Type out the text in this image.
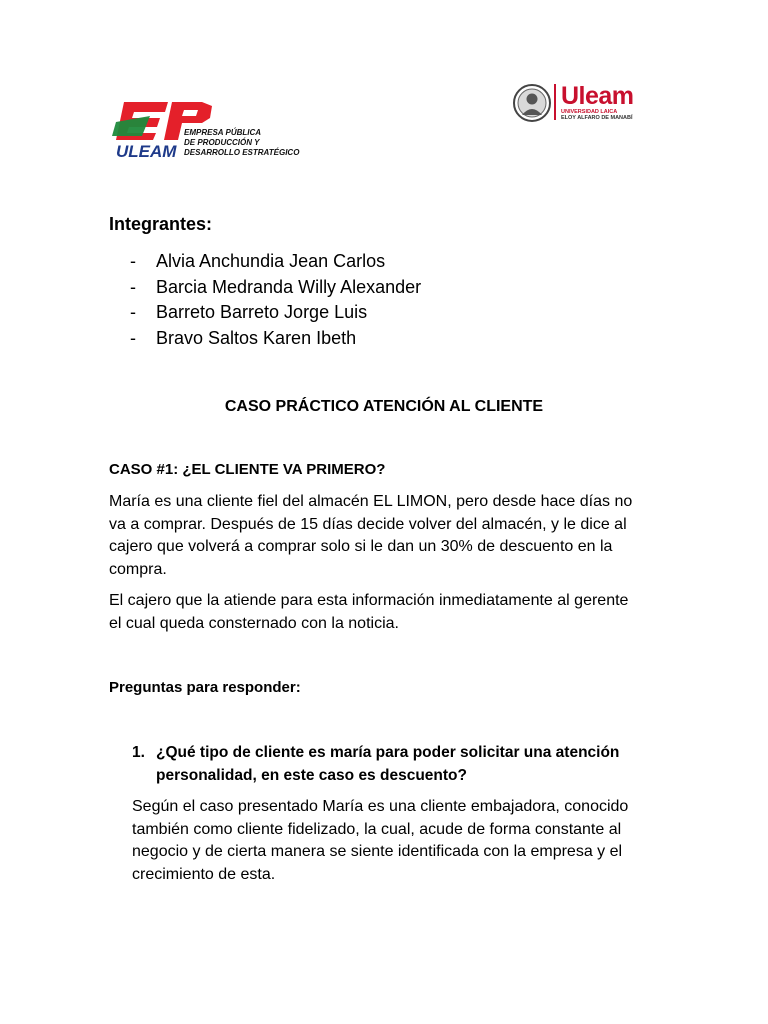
ULEAM
EMPRESA PÚBLICA
DE PRODUCCIÓN Y
DESARROLLO ESTRATÉGICO
Uleam
UNIVERSIDAD LAICA
ELOY ALFARO DE MANABÍ
Integrantes:
- Alvia Anchundia Jean Carlos
- Barcia Medranda Willy Alexander
- Barreto Barreto Jorge Luis
- Bravo Saltos Karen Ibeth
CASO PRÁCTICO ATENCIÓN AL CLIENTE
CASO #1: ¿EL CLIENTE VA PRIMERO?
María es una cliente fiel del almacén EL LIMON, pero desde hace días no
va a comprar. Después de 15 días decide volver del almacén, y le dice al
cajero que volverá a comprar solo si le dan un 30% de descuento en la
compra.
El cajero que la atiende para esta información inmediatamente al gerente
el cual queda consternado con la noticia.
Preguntas para responder:
1. ¿Qué tipo de cliente es maría para poder solicitar una atención
personalidad, en este caso es descuento?
Según el caso presentado María es una cliente embajadora, conocido
también como cliente fidelizado, la cual, acude de forma constante al
negocio y de cierta manera se siente identificada con la empresa y el
crecimiento de esta.
